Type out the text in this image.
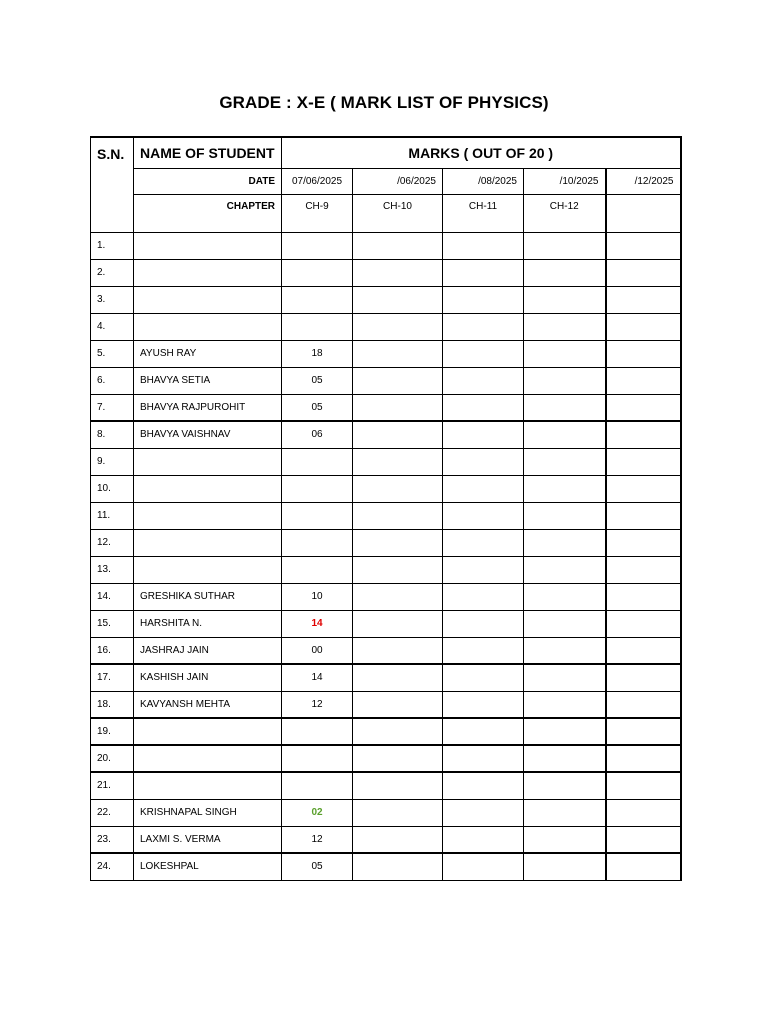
GRADE : X-E ( MARK LIST OF PHYSICS)
S.N.	NAME OF STUDENT	MARKS ( OUT OF 20 )				
	DATE	07/06/2025	/06/2025	/08/2025	/10/2025	/12/2025
	CHAPTER	CH-9	CH-10	CH-11	CH-12	
1.						
2.						
3.						
4.						
5.	AYUSH RAY	18				
6.	BHAVYA SETIA	05				
7.	BHAVYA RAJPUROHIT	05				
8.	BHAVYA VAISHNAV	06				
9.						
10.						
11.						
12.						
13.						
14.	GRESHIKA SUTHAR	10				
15.	HARSHITA N.	14				
16.	JASHRAJ JAIN	00				
17.	KASHISH JAIN	14				
18.	KAVYANSH MEHTA	12				
19.						
20.						
21.						
22.	KRISHNAPAL SINGH	02				
23.	LAXMI S. VERMA	12				
24.	LOKESHPAL	05				
